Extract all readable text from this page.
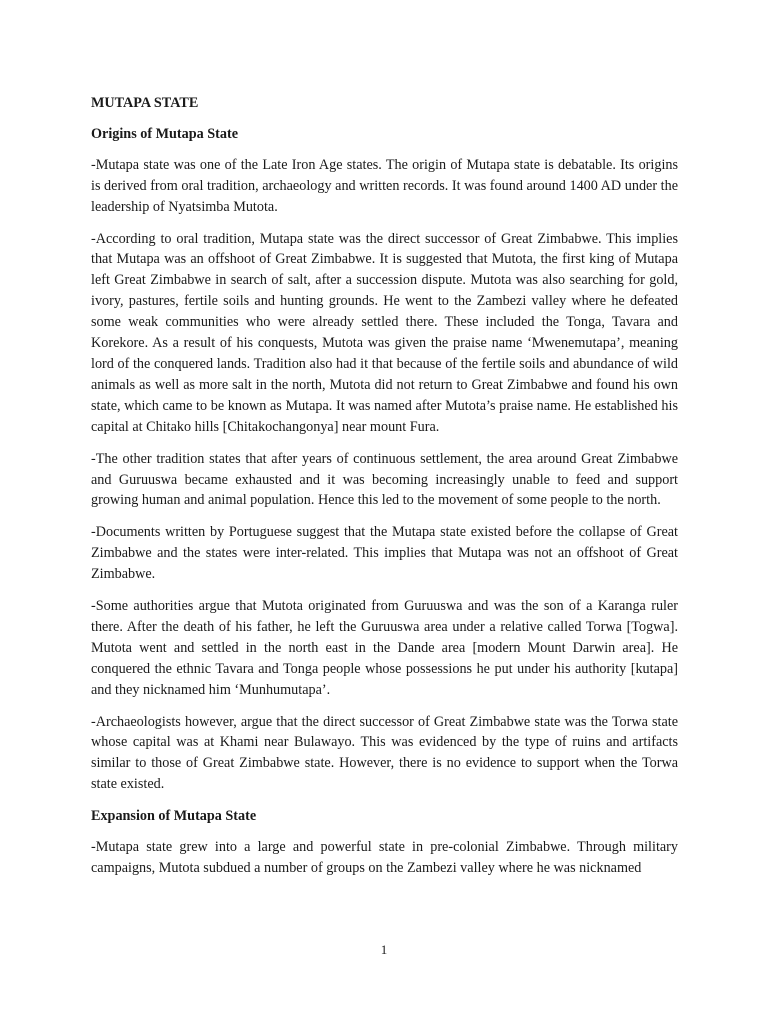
MUTAPA STATE

Origins of Mutapa State

-Mutapa state was one of the Late Iron Age states. The origin of Mutapa state is debatable. Its origins is derived from oral tradition, archaeology and written records. It was found around 1400 AD under the leadership of Nyatsimba Mutota.

-According to oral tradition, Mutapa state was the direct successor of Great Zimbabwe. This implies that Mutapa was an offshoot of Great Zimbabwe. It is suggested that Mutota, the first king of Mutapa left Great Zimbabwe in search of salt, after a succession dispute. Mutota was also searching for gold, ivory, pastures, fertile soils and hunting grounds. He went to the Zambezi valley where he defeated some weak communities who were already settled there. These included the Tonga, Tavara and Korekore. As a result of his conquests, Mutota was given the praise name ‘Mwenemutapa’, meaning lord of the conquered lands. Tradition also had it that because of the fertile soils and abundance of wild animals as well as more salt in the north, Mutota did not return to Great Zimbabwe and found his own state, which came to be known as Mutapa. It was named after Mutota’s praise name. He established his capital at Chitako hills [Chitakochangonya] near mount Fura.

-The other tradition states that after years of continuous settlement, the area around Great Zimbabwe and Guruuswa became exhausted and it was becoming increasingly unable to feed and support growing human and animal population. Hence this led to the movement of some people to the north.

-Documents written by Portuguese suggest that the Mutapa state existed before the collapse of Great Zimbabwe and the states were inter-related. This implies that Mutapa was not an offshoot of Great Zimbabwe.

-Some authorities argue that Mutota originated from Guruuswa and was the son of a Karanga ruler there. After the death of his father, he left the Guruuswa area under a relative called Torwa [Togwa]. Mutota went and settled in the north east in the Dande area [modern Mount Darwin area]. He conquered the ethnic Tavara and Tonga people whose possessions he put under his authority [kutapa] and they nicknamed him ‘Munhumutapa’.

-Archaeologists however, argue that the direct successor of Great Zimbabwe state was the Torwa state whose capital was at Khami near Bulawayo. This was evidenced by the type of ruins and artifacts similar to those of Great Zimbabwe state. However, there is no evidence to support when the Torwa state existed.

Expansion of Mutapa State

-Mutapa state grew into a large and powerful state in pre-colonial Zimbabwe. Through military campaigns, Mutota subdued a number of groups on the Zambezi valley where he was nicknamed

1
